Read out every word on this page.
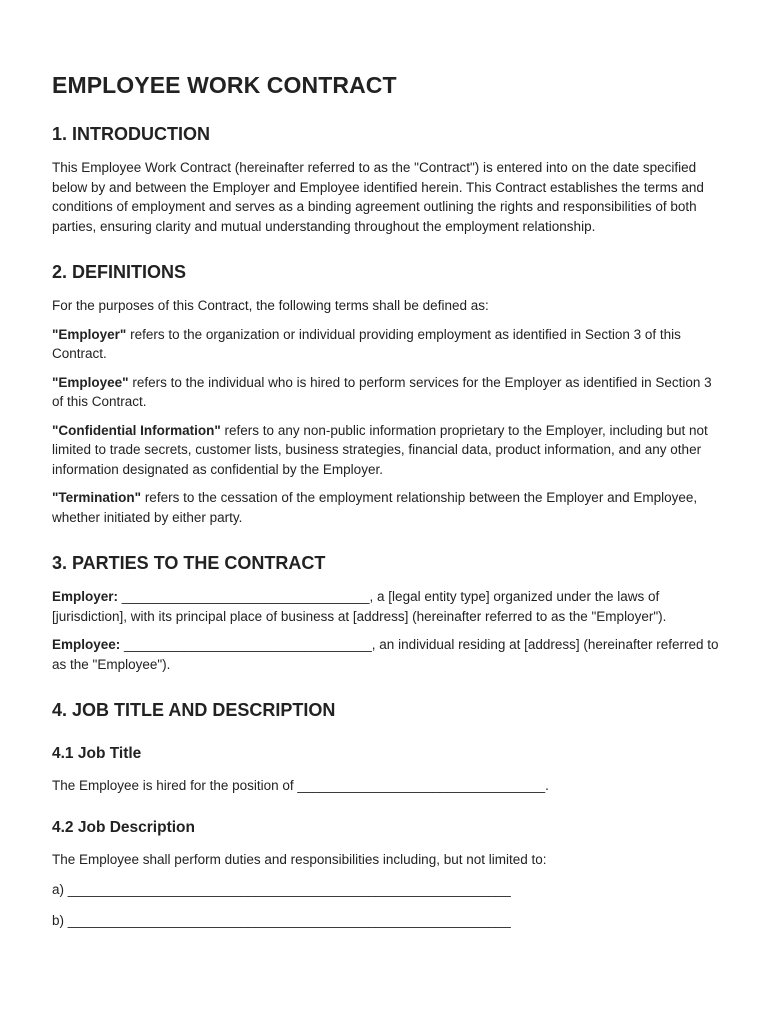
EMPLOYEE WORK CONTRACT
1. INTRODUCTION

This Employee Work Contract (hereinafter referred to as the "Contract") is entered into on the date specified below by and between the Employer and Employee identified herein. This Contract establishes the terms and conditions of employment and serves as a binding agreement outlining the rights and responsibilities of both parties, ensuring clarity and mutual understanding throughout the employment relationship.

2. DEFINITIONS

For the purposes of this Contract, the following terms shall be defined as:

"Employer" refers to the organization or individual providing employment as identified in Section 3 of this Contract.

"Employee" refers to the individual who is hired to perform services for the Employer as identified in Section 3 of this Contract.

"Confidential Information" refers to any non-public information proprietary to the Employer, including but not limited to trade secrets, customer lists, business strategies, financial data, product information, and any other information designated as confidential by the Employer.

"Termination" refers to the cessation of the employment relationship between the Employer and Employee, whether initiated by either party.

3. PARTIES TO THE CONTRACT

Employer: _________________________________, a [legal entity type] organized under the laws of [jurisdiction], with its principal place of business at [address] (hereinafter referred to as the "Employer").

Employee: _________________________________, an individual residing at [address] (hereinafter referred to as the "Employee").

4. JOB TITLE AND DESCRIPTION
4.1 Job Title

The Employee is hired for the position of _________________________________.

4.2 Job Description

The Employee shall perform duties and responsibilities including, but not limited to:

a) ___________________________________________________________

b) ___________________________________________________________
